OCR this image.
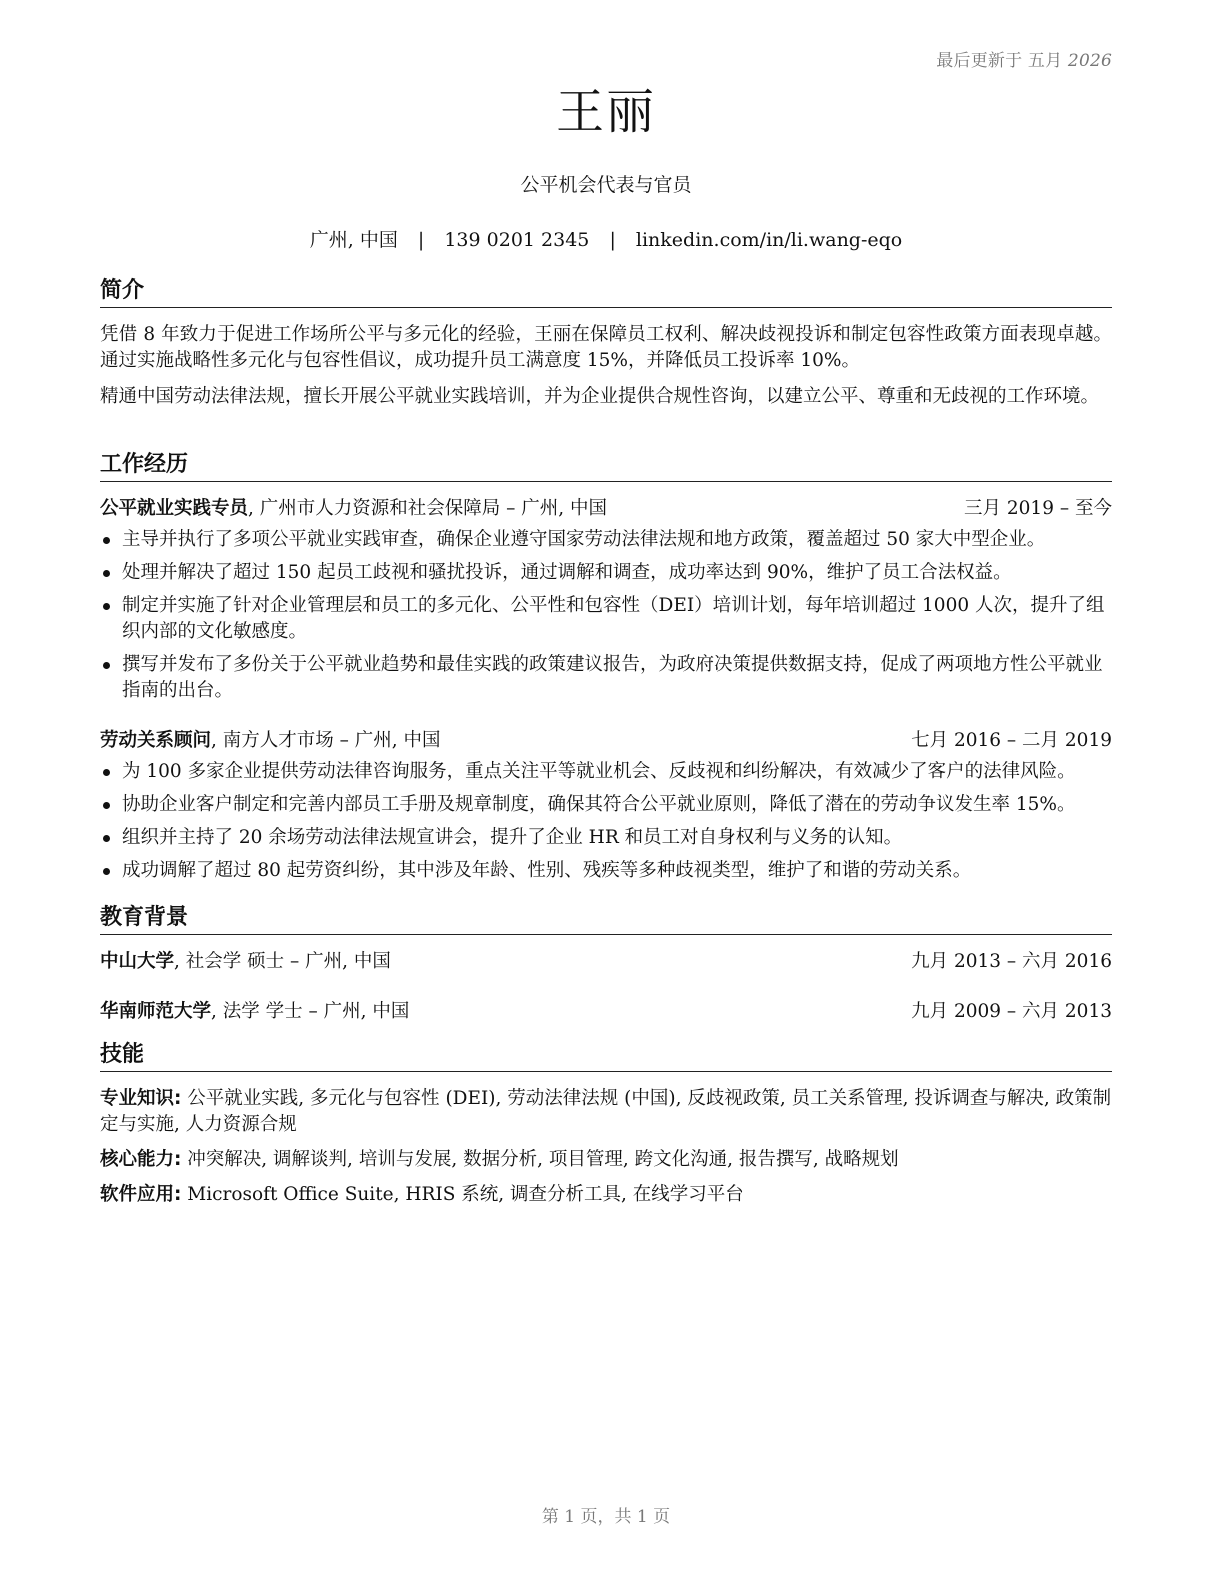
最后更新于 五月 2026
王丽
公平机会代表与官员
广州, 中国 | 139 0201 2345 | linkedin.com/in/li.wang-eqo
简介
凭借 8 年致力于促进工作场所公平与多元化的经验，王丽在保障员工权利、解决歧视投诉和制定包容性政策方面表现卓越。通过实施战略性多元化与包容性倡议，成功提升员工满意度 15%，并降低员工投诉率 10%。
精通中国劳动法律法规，擅长开展公平就业实践培训，并为企业提供合规性咨询，以建立公平、尊重和无歧视的工作环境。
工作经历
公平就业实践专员, 广州市人力资源和社会保障局 – 广州, 中国	三月 2019 – 至今
主导并执行了多项公平就业实践审查，确保企业遵守国家劳动法律法规和地方政策，覆盖超过 50 家大中型企业。
处理并解决了超过 150 起员工歧视和骚扰投诉，通过调解和调查，成功率达到 90%，维护了员工合法权益。
制定并实施了针对企业管理层和员工的多元化、公平性和包容性（DEI）培训计划，每年培训超过 1000 人次，提升了组织内部的文化敏感度。
撰写并发布了多份关于公平就业趋势和最佳实践的政策建议报告，为政府决策提供数据支持，促成了两项地方性公平就业指南的出台。
劳动关系顾问, 南方人才市场 – 广州, 中国	七月 2016 – 二月 2019
为 100 多家企业提供劳动法律咨询服务，重点关注平等就业机会、反歧视和纠纷解决，有效减少了客户的法律风险。
协助企业客户制定和完善内部员工手册及规章制度，确保其符合公平就业原则，降低了潜在的劳动争议发生率 15%。
组织并主持了 20 余场劳动法律法规宣讲会，提升了企业 HR 和员工对自身权利与义务的认知。
成功调解了超过 80 起劳资纠纷，其中涉及年龄、性别、残疾等多种歧视类型，维护了和谐的劳动关系。
教育背景
中山大学, 社会学 硕士 – 广州, 中国	九月 2013 – 六月 2016
华南师范大学, 法学 学士 – 广州, 中国	九月 2009 – 六月 2013
技能
专业知识: 公平就业实践, 多元化与包容性 (DEI), 劳动法律法规 (中国), 反歧视政策, 员工关系管理, 投诉调查与解决, 政策制定与实施, 人力资源合规
核心能力: 冲突解决, 调解谈判, 培训与发展, 数据分析, 项目管理, 跨文化沟通, 报告撰写, 战略规划
软件应用: Microsoft Office Suite, HRIS 系统, 调查分析工具, 在线学习平台
第 1 页，共 1 页
